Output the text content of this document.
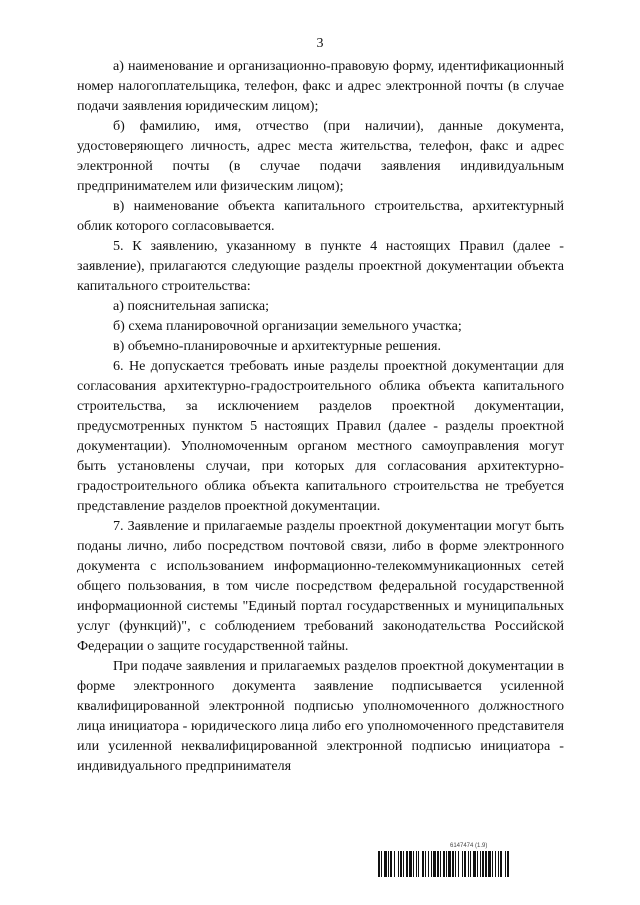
3

а) наименование и организационно-правовую форму, идентификационный номер налогоплательщика, телефон, факс и адрес электронной почты (в случае подачи заявления юридическим лицом);

б) фамилию, имя, отчество (при наличии), данные документа, удостоверяющего личность, адрес места жительства, телефон, факс и адрес электронной почты (в случае подачи заявления индивидуальным предпринимателем или физическим лицом);

в) наименование объекта капитального строительства, архитектурный облик которого согласовывается.

5. К заявлению, указанному в пункте 4 настоящих Правил (далее - заявление), прилагаются следующие разделы проектной документации объекта капитального строительства:

а) пояснительная записка;

б) схема планировочной организации земельного участка;

в) объемно-планировочные и архитектурные решения.

6. Не допускается требовать иные разделы проектной документации для согласования архитектурно-градостроительного облика объекта капитального строительства, за исключением разделов проектной документации, предусмотренных пунктом 5 настоящих Правил (далее - разделы проектной документации). Уполномоченным органом местного самоуправления могут быть установлены случаи, при которых для согласования архитектурно-градостроительного облика объекта капитального строительства не требуется представление разделов проектной документации.

7. Заявление и прилагаемые разделы проектной документации могут быть поданы лично, либо посредством почтовой связи, либо в форме электронного документа с использованием информационно-телекоммуникационных сетей общего пользования, в том числе посредством федеральной государственной информационной системы "Единый портал государственных и муниципальных услуг (функций)", с соблюдением требований законодательства Российской Федерации о защите государственной тайны.

При подаче заявления и прилагаемых разделов проектной документации в форме электронного документа заявление подписывается усиленной квалифицированной электронной подписью уполномоченного должностного лица инициатора - юридического лица либо его уполномоченного представителя или усиленной неквалифицированной электронной подписью инициатора - индивидуального предпринимателя

6147474 (1.9)
